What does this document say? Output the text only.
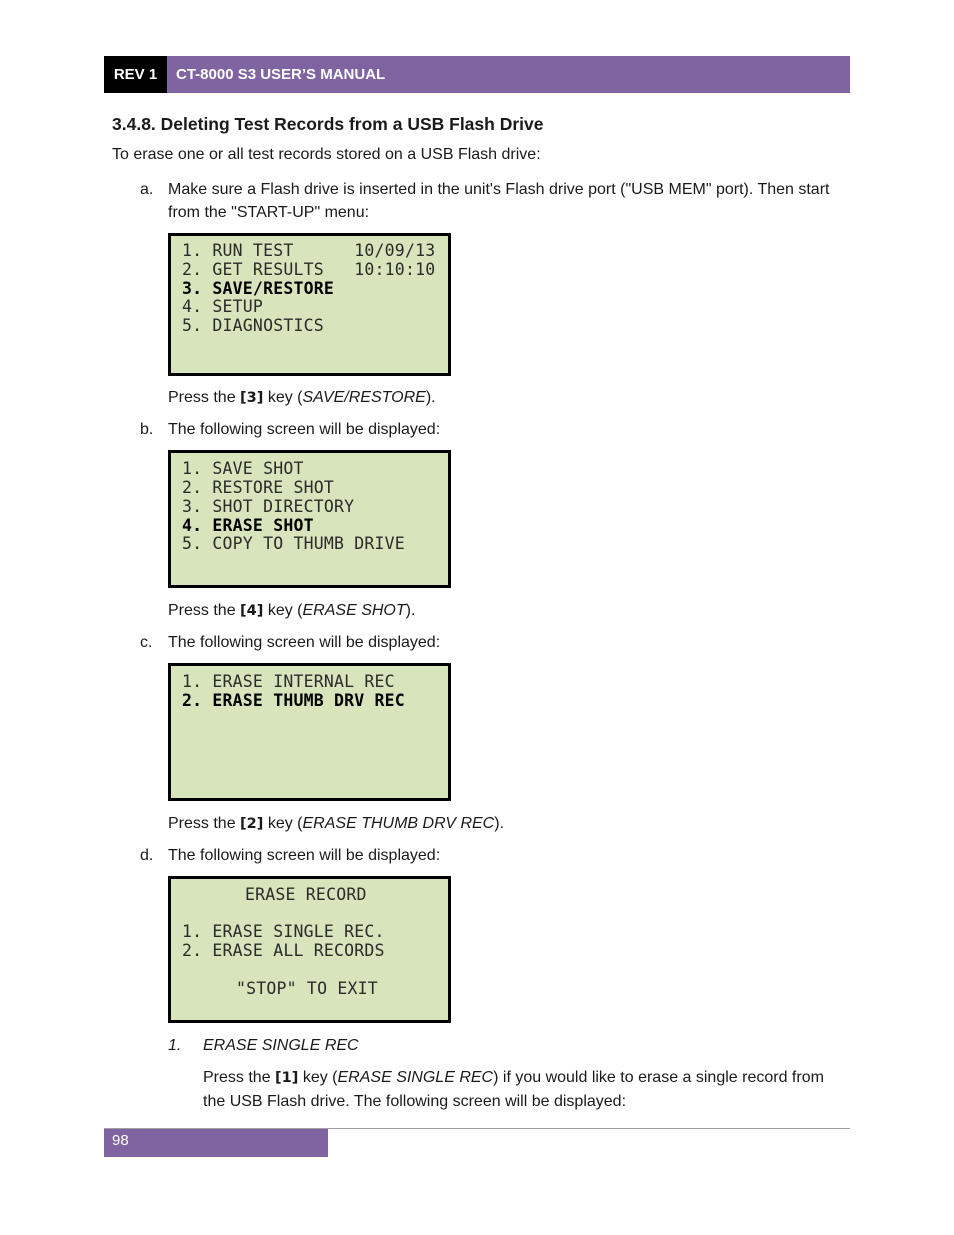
REV 1	CT-8000 S3 USER’S MANUAL
3.4.8. Deleting Test Records from a USB Flash Drive
To erase one or all test records stored on a USB Flash drive:
a. Make sure a Flash drive is inserted in the unit's Flash drive port ("USB MEM" port). Then start from the "START-UP" menu:
1. RUN TEST      10/09/13
2. GET RESULTS   10:10:10
3. SAVE/RESTORE
4. SETUP
5. DIAGNOSTICS
Press the [3] key (SAVE/RESTORE).
b. The following screen will be displayed:
1. SAVE SHOT
2. RESTORE SHOT
3. SHOT DIRECTORY
4. ERASE SHOT
5. COPY TO THUMB DRIVE
Press the [4] key (ERASE SHOT).
c. The following screen will be displayed:
1. ERASE INTERNAL REC
2. ERASE THUMB DRV REC
Press the [2] key (ERASE THUMB DRV REC).
d. The following screen will be displayed:
ERASE RECORD
1. ERASE SINGLE REC.
2. ERASE ALL RECORDS
"STOP" TO EXIT
1. ERASE SINGLE REC
Press the [1] key (ERASE SINGLE REC) if you would like to erase a single record from the USB Flash drive. The following screen will be displayed:
98
